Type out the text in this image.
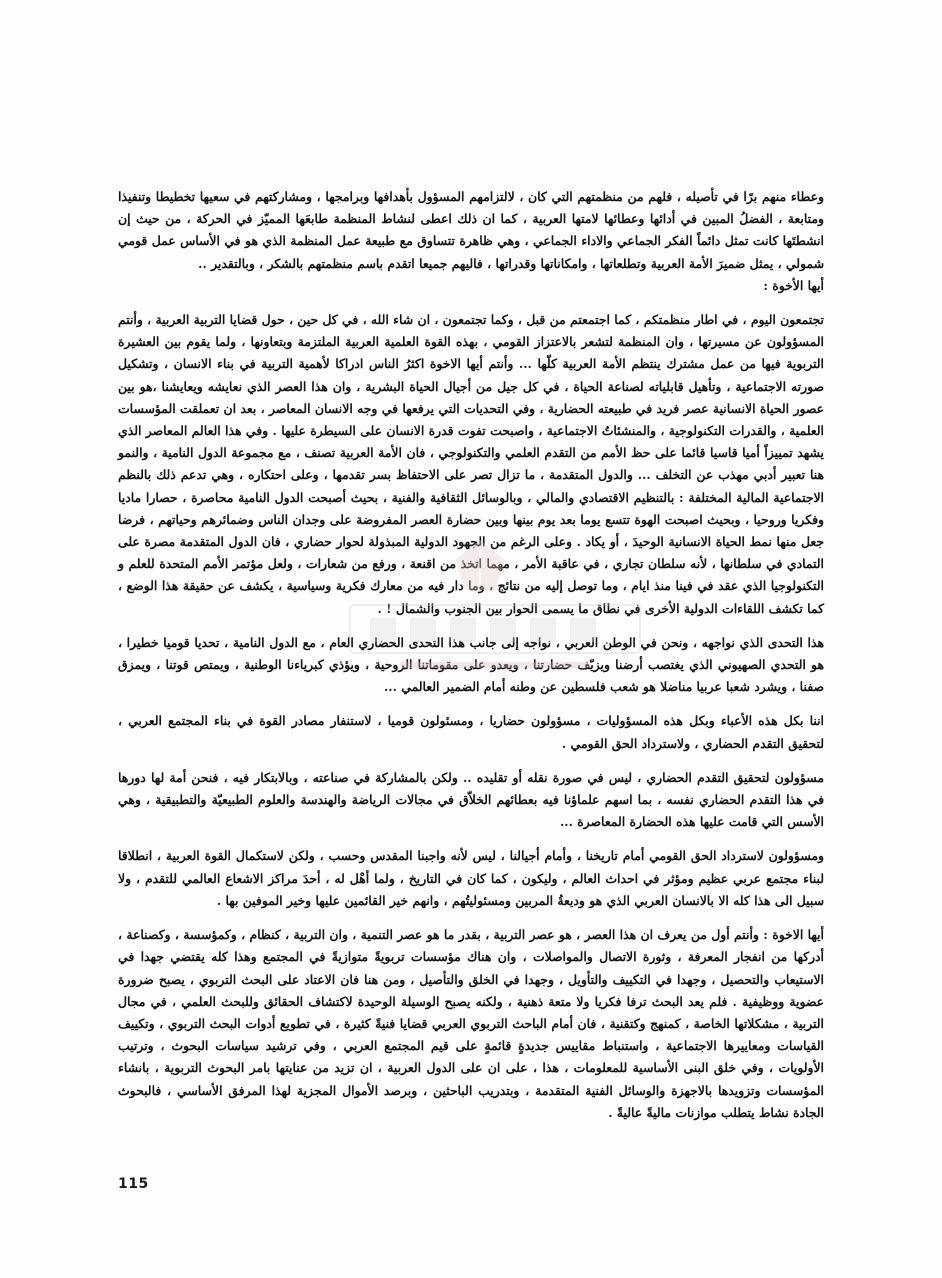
وعطاء منهم برًا في تأصيله ، فلهم من منظمتهم التي كان ، لالتزامهم المسؤول بأهدافها وبرامجها ، ومشاركتهم في سعيها تخطيطا وتنفيذا ومتابعة ، الفضلُ المبين في أدائها وعطائها لامتها العربية ، كما ان ذلك اعطى لنشاط المنظمة طابعَها المميّز في الحركة ، من حيث إن انشطتَها كانت تمثل دائماً الفكر الجماعي والاداء الجماعي ، وهي ظاهرة تتساوق مع طبيعة عمل المنظمة الذي هو في الأساس عمل قومي شمولي ، يمثل ضميرَ الأمة العربية وتطلعاتها ، وامكاناتها وقدراتها ، فاليهم جميعا اتقدم باسم منظمتهم بالشكر ، وبالتقدير ..

أيها الأخوة :

تجتمعون اليوم ، في اطار منظمتكم ، كما اجتمعتم من قبل ، وكما تجتمعون ، ان شاء الله ، في كل حين ، حول قضايا التربية العربية ، وأنتم المسؤولون عن مسيرتها ، وان المنظمة لتشعر بالاعتزاز القومي ، بهذه القوة العلمية العربية الملتزمة وبتعاونها ، ولما يقوم بين العشيرة التربوية فيها من عمل مشترك ينتظم الأمة العربية كلّها ... وأنتم أيها الاخوة اكثرُ الناس ادراكا لأهمية التربية في بناء الانسان ، وتشكيل صورته الاجتماعية ، وتأهيل قابلياته لصناعة الحياة ، في كل جيل من أجيال الحياة البشرية ، وان هذا العصر الذي نعايشه ويعايشنا ،هو بين عصور الحياة الانسانية عصر فريد في طبيعته الحضارية ، وفي التحديات التي يرفعها في وجه الانسان المعاصر ، بعد ان تعملقت المؤسسات العلمية ، والقدرات التكنولوجية ، والمنشئاتُ الاجتماعية ، واصبحت تفوت قدرة الانسان على السيطرة عليها . وفي هذا العالم المعاصر الذي يشهد تمييزاً أميا قاسيا قائما على حظ الأمم من التقدم العلمي والتكنولوجي ، فان الأمة العربية تصنف ، مع مجموعة الدول النامية ، والنمو هنا تعبير أدبي مهذب عن التخلف ... والدول المتقدمة ، ما تزال تصر على الاحتفاظ بسر تقدمها ، وعلى احتكاره ، وهي تدعم ذلك بالنظم الاجتماعية المالية المختلفة : بالتنظيم الاقتصادي والمالي ، وبالوسائل الثقافية والفنية ، بحيث أصبحت الدول النامية محاصرة ، حصارا ماديا وفكريا وروحيا ، وبحيث اصبحت الهوة تتسع يوما بعد يوم بينها وبين حضارة العصر المفروضة على وجدان الناس وضمائرهم وحياتهم ، فرضا جعل منها نمط الحياة الانسانية الوحيدَ ، أو يكاد . وعلى الرغم من الجهود الدولية المبذولة لحوار حضاري ، فان الدول المتقدمة مصرة على التمادي في سلطانها ، لأنه سلطان تجاري ، في عاقبة الأمر ، مهما اتخذ من اقنعة ، ورفع من شعارات ، ولعل مؤتمر الأمم المتحدة للعلم و التكنولوجيا الذي عقد في فينا منذ ايام ، وما توصل إليه من نتائج ، وما دار فيه من معارك فكرية وسياسية ، يكشف عن حقيقة هذا الوضع ، كما تكشف اللقاءات الدولية الأخرى في نطاق ما يسمى الحوار بين الجنوب والشمال ! .

هذا التحدى الذي نواجهه ، ونحن في الوطن العربي ، نواجه إلى جانب هذا التحدى الحضاري العام ، مع الدول النامية ، تحديا قوميا خطيرا ، هو التحدي الصهيوني الذي يغتصب أرضنا ويزيّف حضارتنا ، ويعدو على مقوماتنا الروحية ، ويؤذي كبرياءنا الوطنية ، ويمتص قوتنا ، ويمزق صفنا ، ويشرد شعبا عربيا مناضلا هو شعب فلسطين عن وطنه أمام الضمير العالمي ...

اننا بكل هذه الأعباء وبكل هذه المسؤوليات ، مسؤولون حضاريا ، ومسئولون قوميا ، لاستنفار مصادر القوة في بناء المجتمع العربي ، لتحقيق التقدم الحضاري ، ولاسترداد الحق القومي .

مسؤولون لتحقيق التقدم الحضاري ، ليس في صورة نقله أو تقليده .. ولكن بالمشاركة في صناعته ، وبالابتكار فيه ، فنحن أمة لها دورها في هذا التقدم الحضاري نفسه ، بما اسهم علماؤنا فيه بعطائهم الخلاّق في مجالات الرياضة والهندسة والعلوم الطبيعيّة والتطبيقية ، وهي الأسس التي قامت عليها هذه الحضارة المعاصرة ...

ومسؤولون لاسترداد الحق القومي أمام تاريخنا ، وأمام أجيالنا ، ليس لأنه واجبنا المقدس وحسب ، ولكن لاستكمال القوة العربية ، انطلاقا لبناء مجتمع عربي عظيم ومؤثر في احداث العالم ، وليكون ، كما كان في التاريخ ، ولما أهْل له ، أحدَ مراكز الاشعاع العالمي للتقدم ، ولا سبيل الى هذا كله الا بالانسان العربي الذي هو وديعةُ المربين ومسئوليتُهم ، وانهم خير القائمين عليها وخير الموفين بها .

أيها الاخوة : وأنتم أول من يعرف ان هذا العصر ، هو عصر التربية ، بقدر ما هو عصر التنمية ، وان التربية ، كنظام ، وكمؤسسة ، وكصناعة ، أدركها من انفجار المعرفة ، وثورة الاتصال والمواصلات ، وان هناك مؤسسات تربويةً متوازيةً في المجتمع وهذا كله يقتضي جهدا في الاستيعاب والتحصيل ، وجهدا في التكييف والتأويل ، وجهدا في الخلق والتأصيل ، ومن هنا فان الاعتاد على البحث التربوي ، يصبح ضرورة عضوية ووظيفية . فلم يعد البحث ترفا فكريا ولا متعة ذهنية ، ولكنه يصبح الوسيلة الوحيدة لاكتشاف الحقائق وللبحث العلمي ، في مجال التربية ، مشكلاتها الخاصة ، كمنهج وكتقنية ، فان أمام الباحث التربوي العربي قضايا فنيةً كثيرة ، في تطويع أدوات البحث التربوي ، وتكييف القياسات ومعاييرها الاجتماعية ، واستنباط مقاييس جديدةٍ قائمةٍ على قيم المجتمع العربي ، وفي ترشيد سياسات البحوث ، وترتيب الأولويات ، وفي خلق البنى الأساسية للمعلومات ، هذا ، على ان على الدول العربية ، ان تزيد من عنايتها بامر البحوث التربوية ، بانشاء المؤسسات وتزويدها بالاجهزة والوسائل الفنية المتقدمة ، وبتدريب الباحثين ، وبرصد الأموال المجزية لهذا المرفق الأساسي ، فالبحوث الجادة نشاط يتطلب موازنات ماليةً عاليةً .

115
